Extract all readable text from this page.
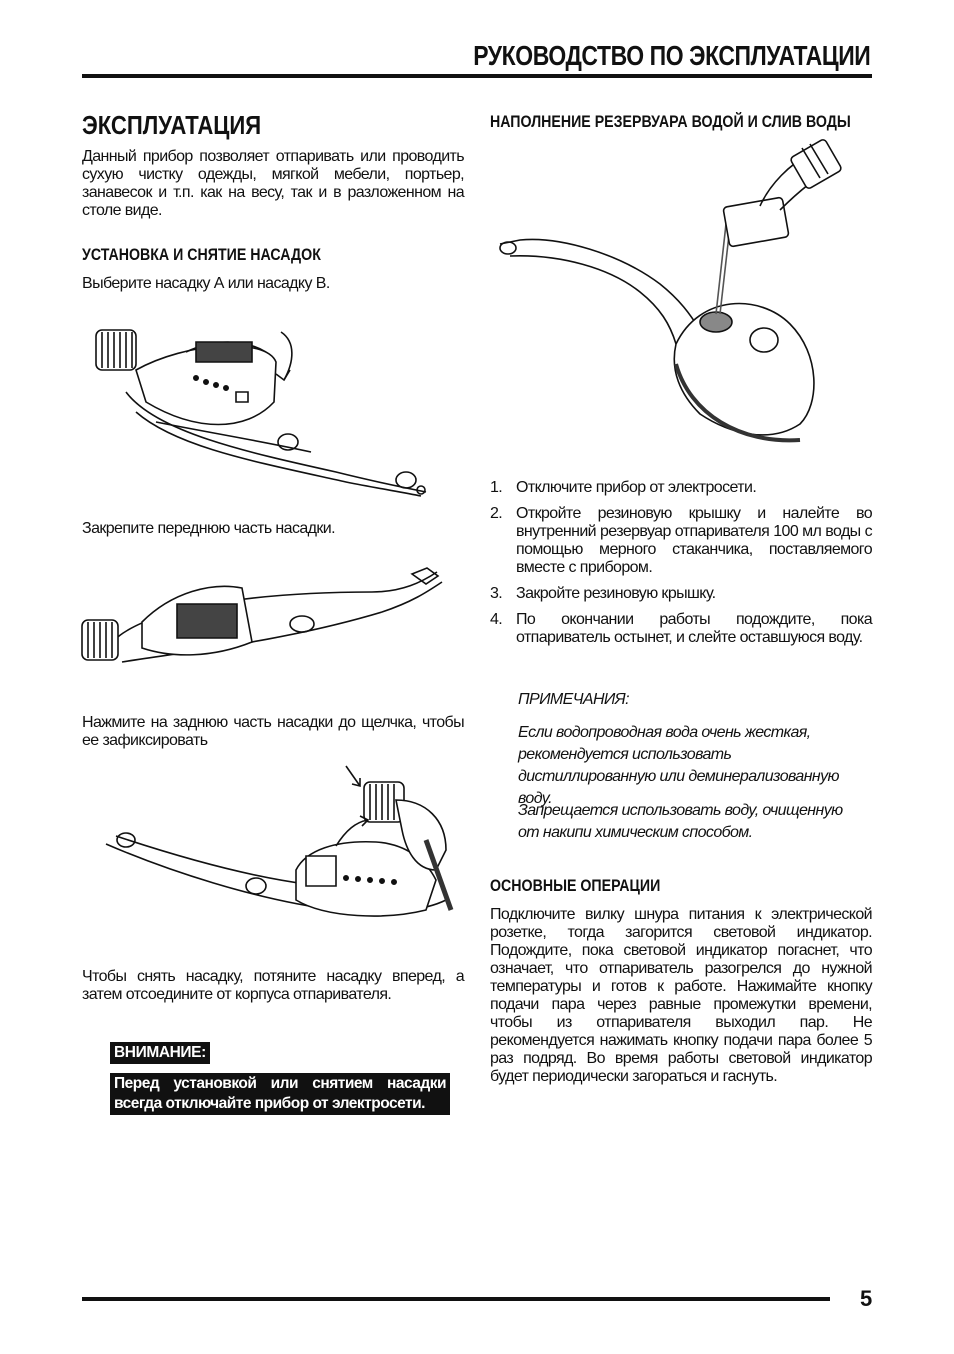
РУКОВОДСТВО ПО ЭКСПЛУАТАЦИИ
ЭКСПЛУАТАЦИЯ
Данный прибор позволяет отпаривать или проводить сухую чистку одежды, мягкой мебели, портьер, занавесок и т.п. как на весу, так и в разложенном на столе виде.
УСТАНОВКА И СНЯТИЕ НАСАДОК
Выберите насадку А или насадку В.
Закрепите переднюю часть насадки.
Нажмите на заднюю часть насадки до щелчка, чтобы ее зафиксировать
Чтобы снять насадку, потяните насадку вперед, а затем отсоедините от корпуса отпаривателя.
ВНИМАНИЕ:
Перед установкой или снятием насадки всегда отключайте прибор от электросети.
НАПОЛНЕНИЕ РЕЗЕРВУАРА ВОДОЙ И СЛИВ ВОДЫ
1. Отключите прибор от электросети.
2. Откройте резиновую крышку и налейте во внутренний резервуар отпаривателя 100 мл воды с помощью мерного стаканчика, поставляемого вместе с прибором.
3. Закройте резиновую крышку.
4. По окончании работы подождите, пока отпариватель остынет, и слейте оставшуюся воду.
ПРИМЕЧАНИЯ:
Если водопроводная вода очень жесткая, рекомендуется использовать дистиллированную или деминерализованную воду.
Запрещается использовать воду, очищенную от накипи химическим способом.
ОСНОВНЫЕ ОПЕРАЦИИ
Подключите вилку шнура питания к электрической розетке, тогда загорится световой индикатор. Подождите, пока световой индикатор погаснет, что означает, что отпариватель разогрелся до нужной температуры и готов к работе. Нажимайте кнопку подачи пара через равные промежутки времени, чтобы из отпаривателя выходил пар. Не рекомендуется нажимать кнопку подачи пара более 5 раз подряд. Во время работы световой индикатор будет периодически загораться и гаснуть.
5
